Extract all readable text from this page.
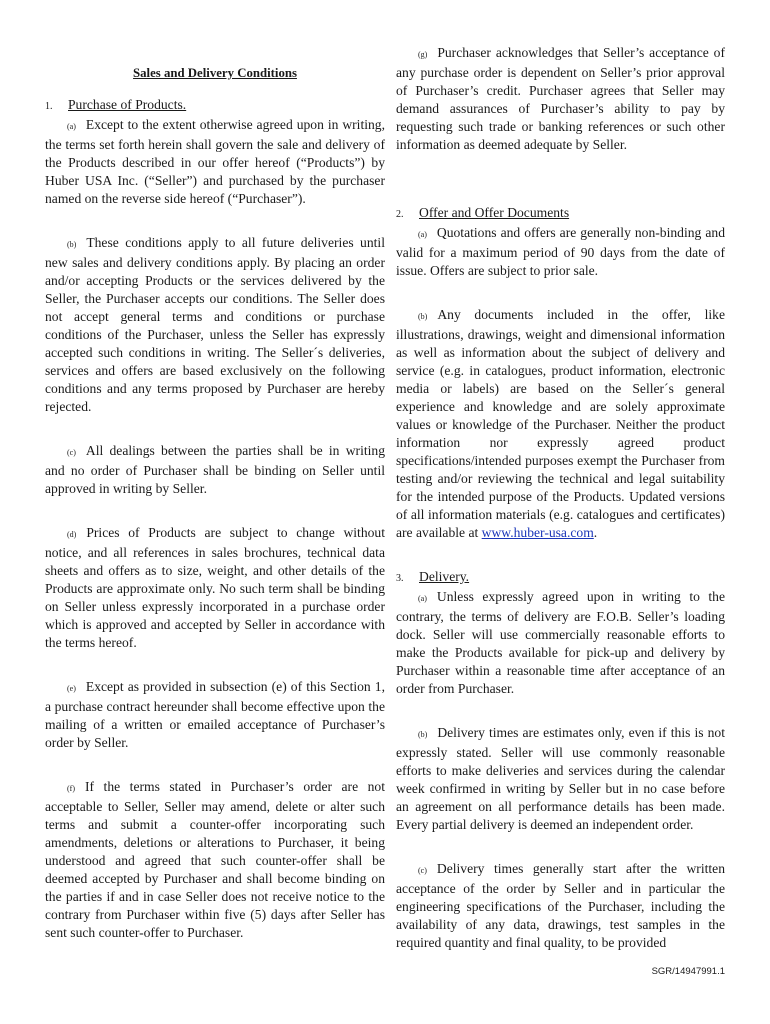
Sales and Delivery Conditions

1. Purchase of Products.

(a) Except to the extent otherwise agreed upon in writing, the terms set forth herein shall govern the sale and delivery of the Products described in our offer hereof (“Products”) by Huber USA Inc. (“Seller”) and purchased by the purchaser named on the reverse side hereof (“Purchaser”).

(b) These conditions apply to all future deliveries until new sales and delivery conditions apply. By placing an order and/or accepting Products or the services delivered by the Seller, the Purchaser accepts our conditions. The Seller does not accept general terms and conditions or purchase conditions of the Purchaser, unless the Seller has expressly accepted such conditions in writing. The Seller´s deliveries, services and offers are based exclusively on the following conditions and any terms proposed by Purchaser are hereby rejected.

(c) All dealings between the parties shall be in writing and no order of Purchaser shall be binding on Seller until approved in writing by Seller.

(d) Prices of Products are subject to change without notice, and all references in sales brochures, technical data sheets and offers as to size, weight, and other details of the Products are approximate only. No such term shall be binding on Seller unless expressly incorporated in a purchase order which is approved and accepted by Seller in accordance with the terms hereof.

(e) Except as provided in subsection (e) of this Section 1, a purchase contract hereunder shall become effective upon the mailing of a written or emailed acceptance of Purchaser’s order by Seller.

(f) If the terms stated in Purchaser’s order are not acceptable to Seller, Seller may amend, delete or alter such terms and submit a counter-offer incorporating such amendments, deletions or alterations to Purchaser, it being understood and agreed that such counter-offer shall be deemed accepted by Purchaser and shall become binding on the parties if and in case Seller does not receive notice to the contrary from Purchaser within five (5) days after Seller has sent such counter-offer to Purchaser.

(g) Purchaser acknowledges that Seller’s acceptance of any purchase order is dependent on Seller’s prior approval of Purchaser’s credit. Purchaser agrees that Seller may demand assurances of Purchaser’s ability to pay by requesting such trade or banking references or such other information as deemed adequate by Seller.

2. Offer and Offer Documents

(a) Quotations and offers are generally non-binding and valid for a maximum period of 90 days from the date of issue. Offers are subject to prior sale.

(b) Any documents included in the offer, like illustrations, drawings, weight and dimensional information as well as information about the subject of delivery and service (e.g. in catalogues, product information, electronic media or labels) are based on the Seller´s general experience and knowledge and are solely approximate values or knowledge of the Purchaser. Neither the product information nor expressly agreed product specifications/intended purposes exempt the Purchaser from testing and/or reviewing the technical and legal suitability for the intended purpose of the Products. Updated versions of all information materials (e.g. catalogues and certificates) are available at www.huber-usa.com.

3. Delivery.

(a) Unless expressly agreed upon in writing to the contrary, the terms of delivery are F.O.B. Seller’s loading dock. Seller will use commercially reasonable efforts to make the Products available for pick-up and delivery by Purchaser within a reasonable time after acceptance of an order from Purchaser.

(b) Delivery times are estimates only, even if this is not expressly stated. Seller will use commonly reasonable efforts to make deliveries and services during the calendar week confirmed in writing by Seller but in no case before an agreement on all performance details has been made. Every partial delivery is deemed an independent order.

(c) Delivery times generally start after the written acceptance of the order by Seller and in particular the engineering specifications of the Purchaser, including the availability of any data, drawings, test samples in the required quantity and final quality, to be provided

SGR/14947991.1
